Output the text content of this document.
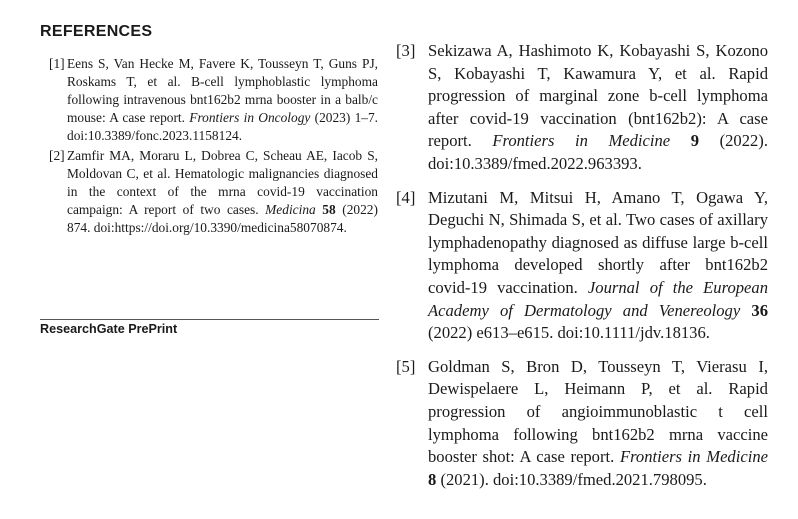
REFERENCES

[1] Eens S, Van Hecke M, Favere K, Tousseyn T, Guns PJ, Roskams T, et al. B-cell lymphoblastic lymphoma following intravenous bnt162b2 mrna booster in a balb/c mouse: A case report. Frontiers in Oncology (2023) 1–7. doi:10.3389/fonc.2023.1158124.

[2] Zamfir MA, Moraru L, Dobrea C, Scheau AE, Iacob S, Moldovan C, et al. Hematologic malignancies diagnosed in the context of the mrna covid-19 vaccination campaign: A report of two cases. Medicina 58 (2022) 874. doi:https://doi.org/10.3390/medicina58070874.

ResearchGate PrePrint

[3] Sekizawa A, Hashimoto K, Kobayashi S, Kozono S, Kobayashi T, Kawamura Y, et al. Rapid progression of marginal zone b-cell lymphoma after covid-19 vaccination (bnt162b2): A case report. Frontiers in Medicine 9 (2022). doi:10.3389/fmed.2022.963393.

[4] Mizutani M, Mitsui H, Amano T, Ogawa Y, Deguchi N, Shimada S, et al. Two cases of axillary lymphadenopathy diagnosed as diffuse large b-cell lymphoma developed shortly after bnt162b2 covid-19 vaccination. Journal of the European Academy of Dermatology and Venereology 36 (2022) e613–e615. doi:10.1111/jdv.18136.

[5] Goldman S, Bron D, Tousseyn T, Vierasu I, Dewispelaere L, Heimann P, et al. Rapid progression of angioimmunoblastic t cell lymphoma following bnt162b2 mrna vaccine booster shot: A case report. Frontiers in Medicine 8 (2021). doi:10.3389/fmed.2021.798095.
